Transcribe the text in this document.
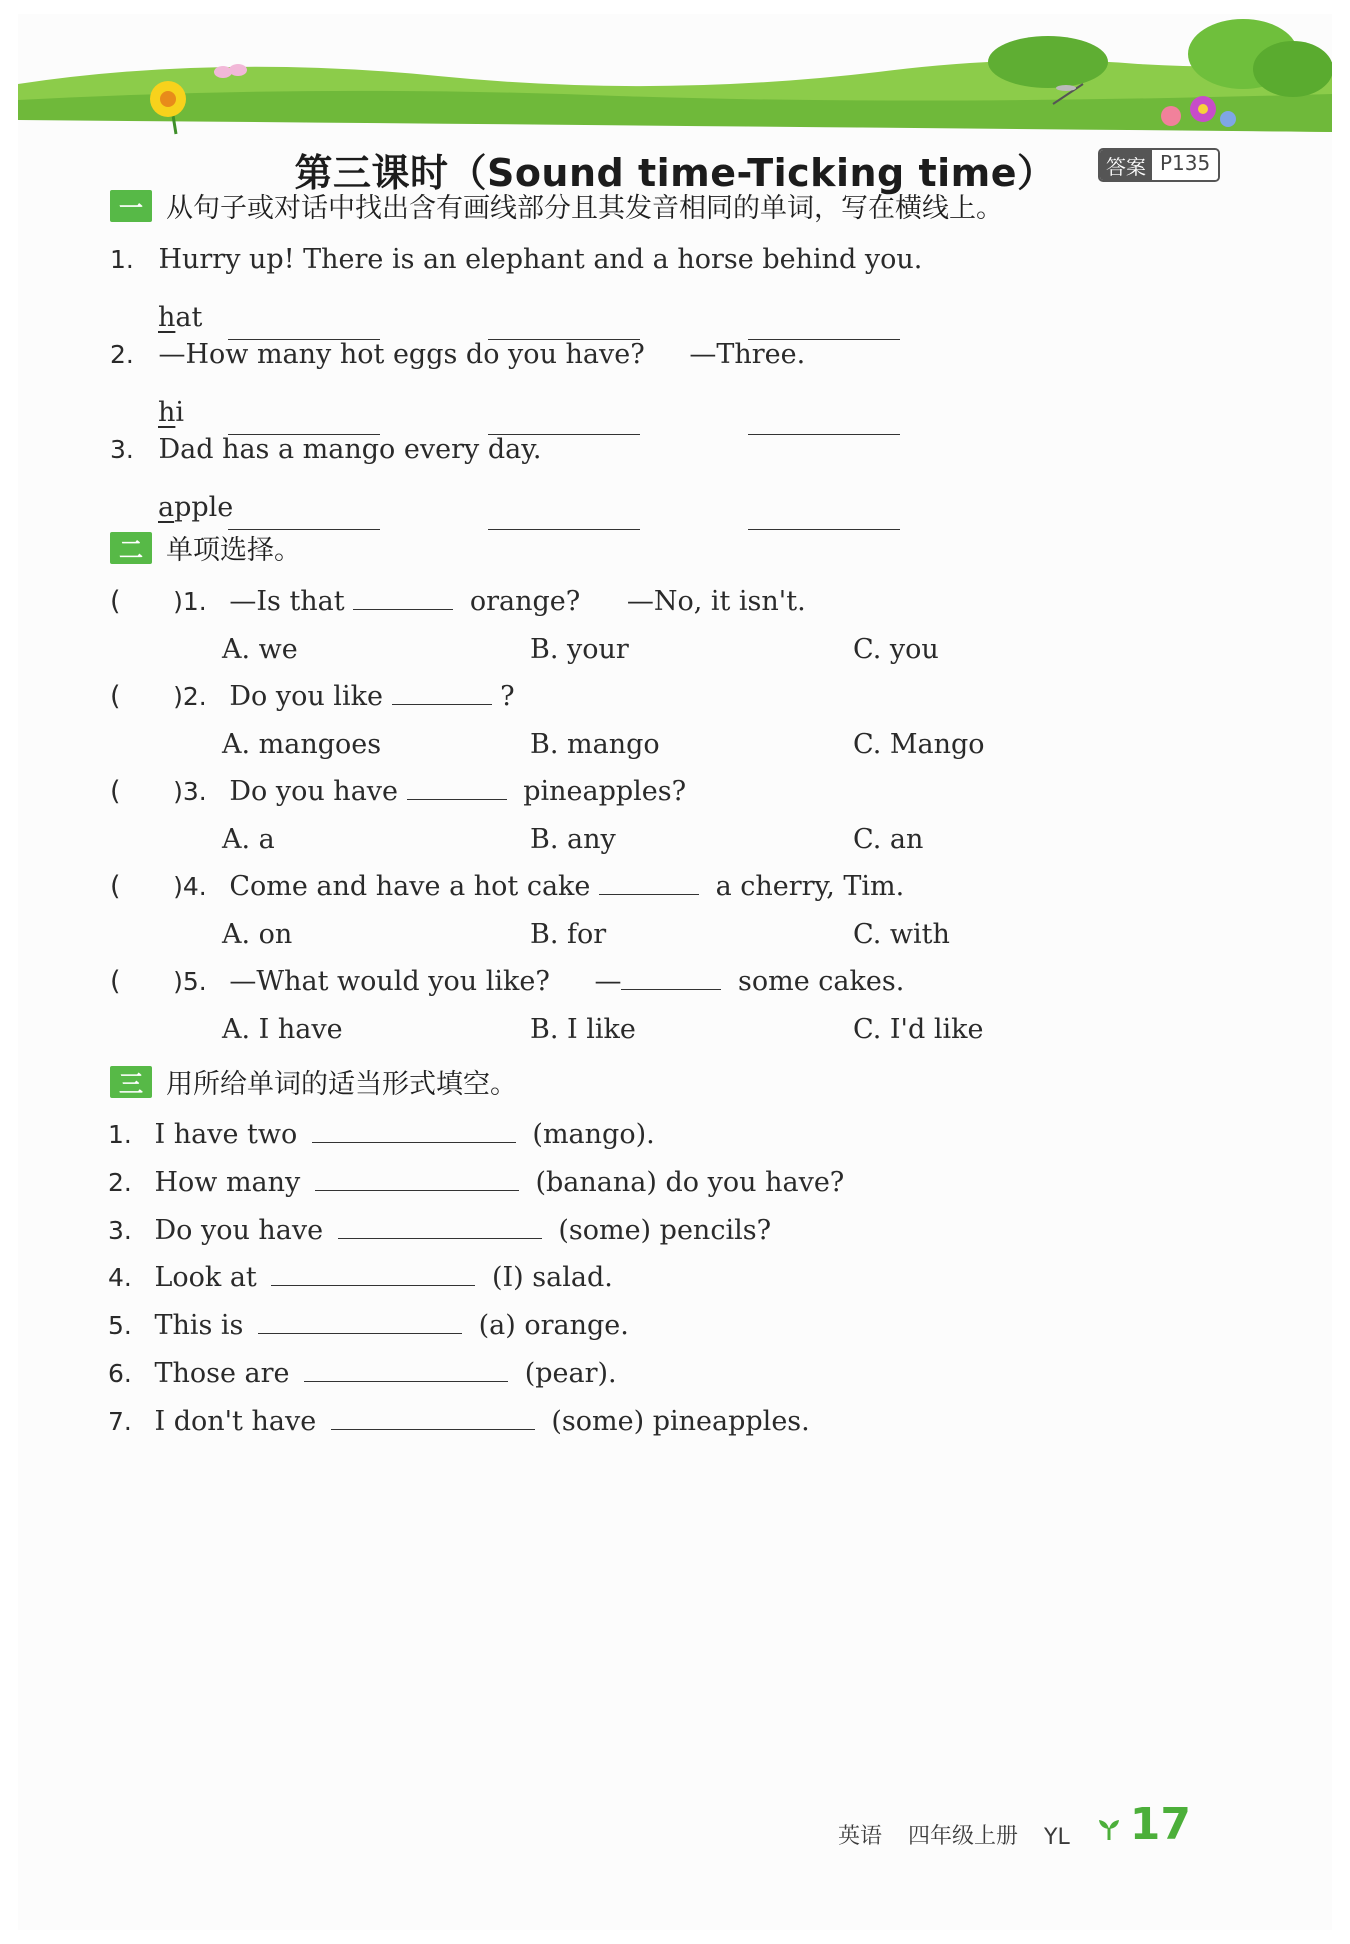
第三课时（Sound time-Ticking time）	答案 P135
一 从句子或对话中找出含有画线部分且其发音相同的单词，写在横线上。
1. Hurry up! There is an elephant and a horse behind you.
hat
2. —How many hot eggs do you have? —Three.
hi
3. Dad has a mango every day.
apple
二 单项选择。
( )1. —Is that	orange? —No, it isn't.
A. we	B. your	C. you
( )2. Do you like	?
A. mangoes	B. mango	C. Mango
( )3. Do you have	pineapples?
A. a	B. any	C. an
( )4. Come and have a hot cake	a cherry, Tim.
A. on	B. for	C. with
( )5. —What would you like? —	some cakes.
A. I have	B. I like	C. I'd like
三 用所给单词的适当形式填空。
1. I have two	(mango).
2. How many	(banana) do you have?
3. Do you have	(some) pencils?
4. Look at	(I) salad.
5. This is	(a) orange.
6. Those are	(pear).
7. I don't have	(some) pineapples.
英语 四年级上册 YL 17
